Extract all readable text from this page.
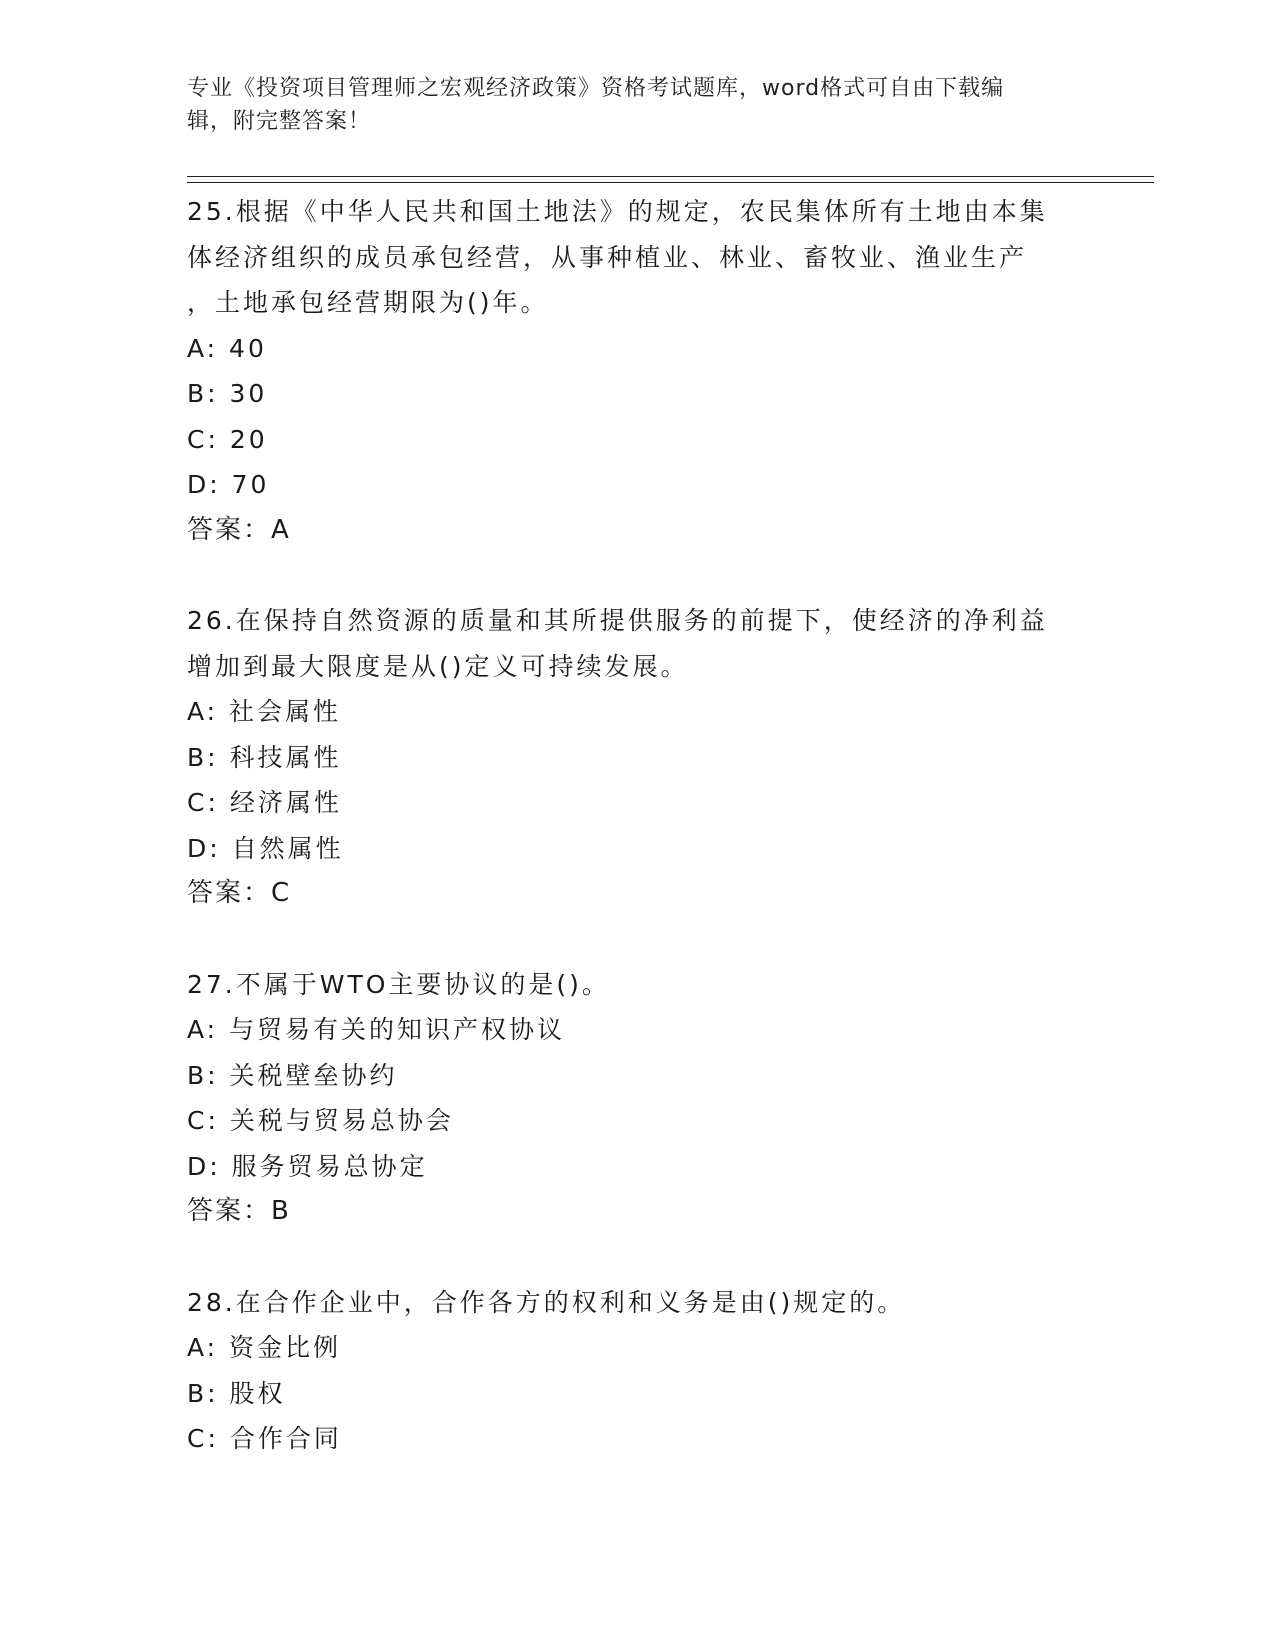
专业《投资项目管理师之宏观经济政策》资格考试题库，word格式可自由下载编
辑，附完整答案！

25.根据《中华人民共和国土地法》的规定，农民集体所有土地由本集

体经济组织的成员承包经营，从事种植业、林业、畜牧业、渔业生产

，土地承包经营期限为()年。

A: 40

B: 30

C: 20

D: 70

答案：A

26.在保持自然资源的质量和其所提供服务的前提下，使经济的净利益

增加到最大限度是从()定义可持续发展。

A: 社会属性

B: 科技属性

C: 经济属性

D: 自然属性

答案：C

27.不属于WTO主要协议的是()。

A: 与贸易有关的知识产权协议

B: 关税壁垒协约

C: 关税与贸易总协会

D: 服务贸易总协定

答案：B

28.在合作企业中，合作各方的权利和义务是由()规定的。

A: 资金比例

B: 股权

C: 合作合同
